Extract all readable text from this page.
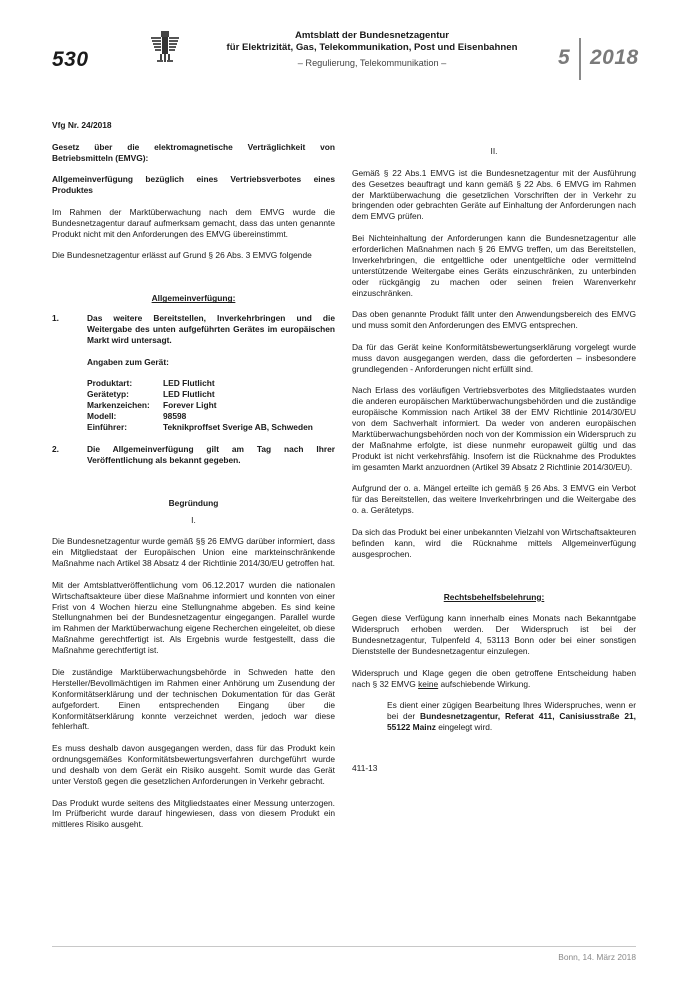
530
Amtsblatt der Bundesnetzagentur
für Elektrizität, Gas, Telekommunikation, Post und Eisenbahnen
– Regulierung, Telekommunikation –	5 2018

Vfg Nr. 24/2018

Gesetz über die elektromagnetische Verträglichkeit von Betriebsmitteln (EMVG):

Allgemeinverfügung bezüglich eines Vertriebsverbotes eines Produktes

Im Rahmen der Marktüberwachung nach dem EMVG wurde die Bundesnetzagentur darauf aufmerksam gemacht, dass das unten genannte Produkt nicht mit den Anforderungen des EMVG übereinstimmt.

Die Bundesnetzagentur erlässt auf Grund § 26 Abs. 3 EMVG folgende

Allgemeinverfügung:

1.	Das weitere Bereitstellen, Inverkehrbringen und die Weitergabe des unten aufgeführten Gerätes im europäischen Markt wird untersagt.

Angaben zum Gerät:

Produktart:	LED Flutlicht
Gerätetyp:	LED Flutlicht
Markenzeichen:	Forever Light
Modell:	98598
Einführer:	Teknikproffset Sverige AB, Schweden
2.	Die Allgemeinverfügung gilt am Tag nach Ihrer Veröffentlichung als bekannt gegeben.

Begründung

I.

Die Bundesnetzagentur wurde gemäß §§ 26 EMVG darüber informiert, dass ein Mitgliedstaat der Europäischen Union eine markteinschränkende Maßnahme nach Artikel 38 Absatz 4 der Richtlinie 2014/30/EU getroffen hat.

Mit der Amtsblattveröffentlichung vom 06.12.2017 wurden die nationalen Wirtschaftsakteure über diese Maßnahme informiert und konnten von einer Frist von 4 Wochen hierzu eine Stellungnahme abgeben. Es sind keine Stellungnahmen bei der Bundesnetzagentur eingegangen. Parallel wurde im Rahmen der Marktüberwachung eigene Recherchen eingeleitet, ob diese Maßnahme gerechtfertigt ist. Als Ergebnis wurde festgestellt, dass die Maßnahme gerechtfertigt ist.

Die zuständige Marktüberwachungsbehörde in Schweden hatte den Hersteller/Bevollmächtigen im Rahmen einer Anhörung um Zusendung der Konformitätserklärung und der technischen Dokumentation für das Gerät aufgefordert. Einen entsprechenden Eingang über die Konformitätserklärung konnte verzeichnet werden, jedoch war diese fehlerhaft.

Es muss deshalb davon ausgegangen werden, dass für das Produkt kein ordnungsgemäßes Konformitätsbewertungsverfahren durchgeführt wurde und deshalb von dem Gerät ein Risiko ausgeht. Somit wurde das Gerät unter Verstoß gegen die gesetzlichen Anforderungen in Verkehr gebracht.

Das Produkt wurde seitens des Mitgliedstaates einer Messung unterzogen. Im Prüfbericht wurde darauf hingewiesen, dass von diesem Produkt ein mittleres Risiko ausgeht.

II.

Gemäß § 22 Abs.1 EMVG ist die Bundesnetzagentur mit der Ausführung des Gesetzes beauftragt und kann gemäß § 22 Abs. 6 EMVG im Rahmen der Marktüberwachung die gesetzlichen Vorschriften der in Verkehr zu bringenden oder gebrachten Geräte auf Einhaltung der Anforderungen nach dem EMVG prüfen.

Bei Nichteinhaltung der Anforderungen kann die Bundesnetzagentur alle erforderlichen Maßnahmen nach § 26 EMVG treffen, um das Bereitstellen, Inverkehrbringen, die entgeltliche oder unentgeltliche oder vermittelnd unterstützende Weitergabe eines Geräts einzuschränken, zu unterbinden oder rückgängig zu machen oder seinen freien Warenverkehr einzuschränken.

Das oben genannte Produkt fällt unter den Anwendungsbereich des EMVG und muss somit den Anforderungen des EMVG entsprechen.

Da für das Gerät keine Konformitätsbewertungserklärung vorgelegt wurde muss davon ausgegangen werden, dass die geforderten – insbesondere grundlegenden - Anforderungen nicht erfüllt sind.

Nach Erlass des vorläufigen Vertriebsverbotes des Mitgliedstaates wurden die anderen europäischen Marktüberwachungsbehörden und die zuständige europäische Kommission nach Artikel 38 der EMV Richtlinie 2014/30/EU von dem Sachverhalt informiert. Da weder von anderen europäischen Marktüberwachungsbehörden noch von der Kommission ein Widerspruch zu der Maßnahme erfolgte, ist diese nunmehr europaweit gültig und das Produkt ist nicht verkehrsfähig. Insofern ist die Rücknahme des Produktes im gesamten Markt anzuordnen (Artikel 39 Absatz 2 Richtlinie 2014/30/EU).

Aufgrund der o. a. Mängel erteilte ich gemäß § 26 Abs. 3 EMVG ein Verbot für das Bereitstellen, das weitere Inverkehrbringen und die Weitergabe des o. a. Gerätetyps.

Da sich das Produkt bei einer unbekannten Vielzahl von Wirtschaftsakteuren befinden kann, wird die Rücknahme mittels Allgemeinverfügung ausgesprochen.

Rechtsbehelfsbelehrung:

Gegen diese Verfügung kann innerhalb eines Monats nach Bekanntgabe Widerspruch erhoben werden. Der Widerspruch ist bei der Bundesnetzagentur, Tulpenfeld 4, 53113 Bonn oder bei einer sonstigen Dienststelle der Bundesnetzagentur einzulegen.

Widerspruch und Klage gegen die oben getroffene Entscheidung haben nach § 32 EMVG keine aufschiebende Wirkung.

Es dient einer zügigen Bearbeitung Ihres Widerspruches, wenn er bei der Bundesnetzagentur, Referat 411, Canisiusstraße 21, 55122 Mainz eingelegt wird.

411-13

Bonn, 14. März 2018
